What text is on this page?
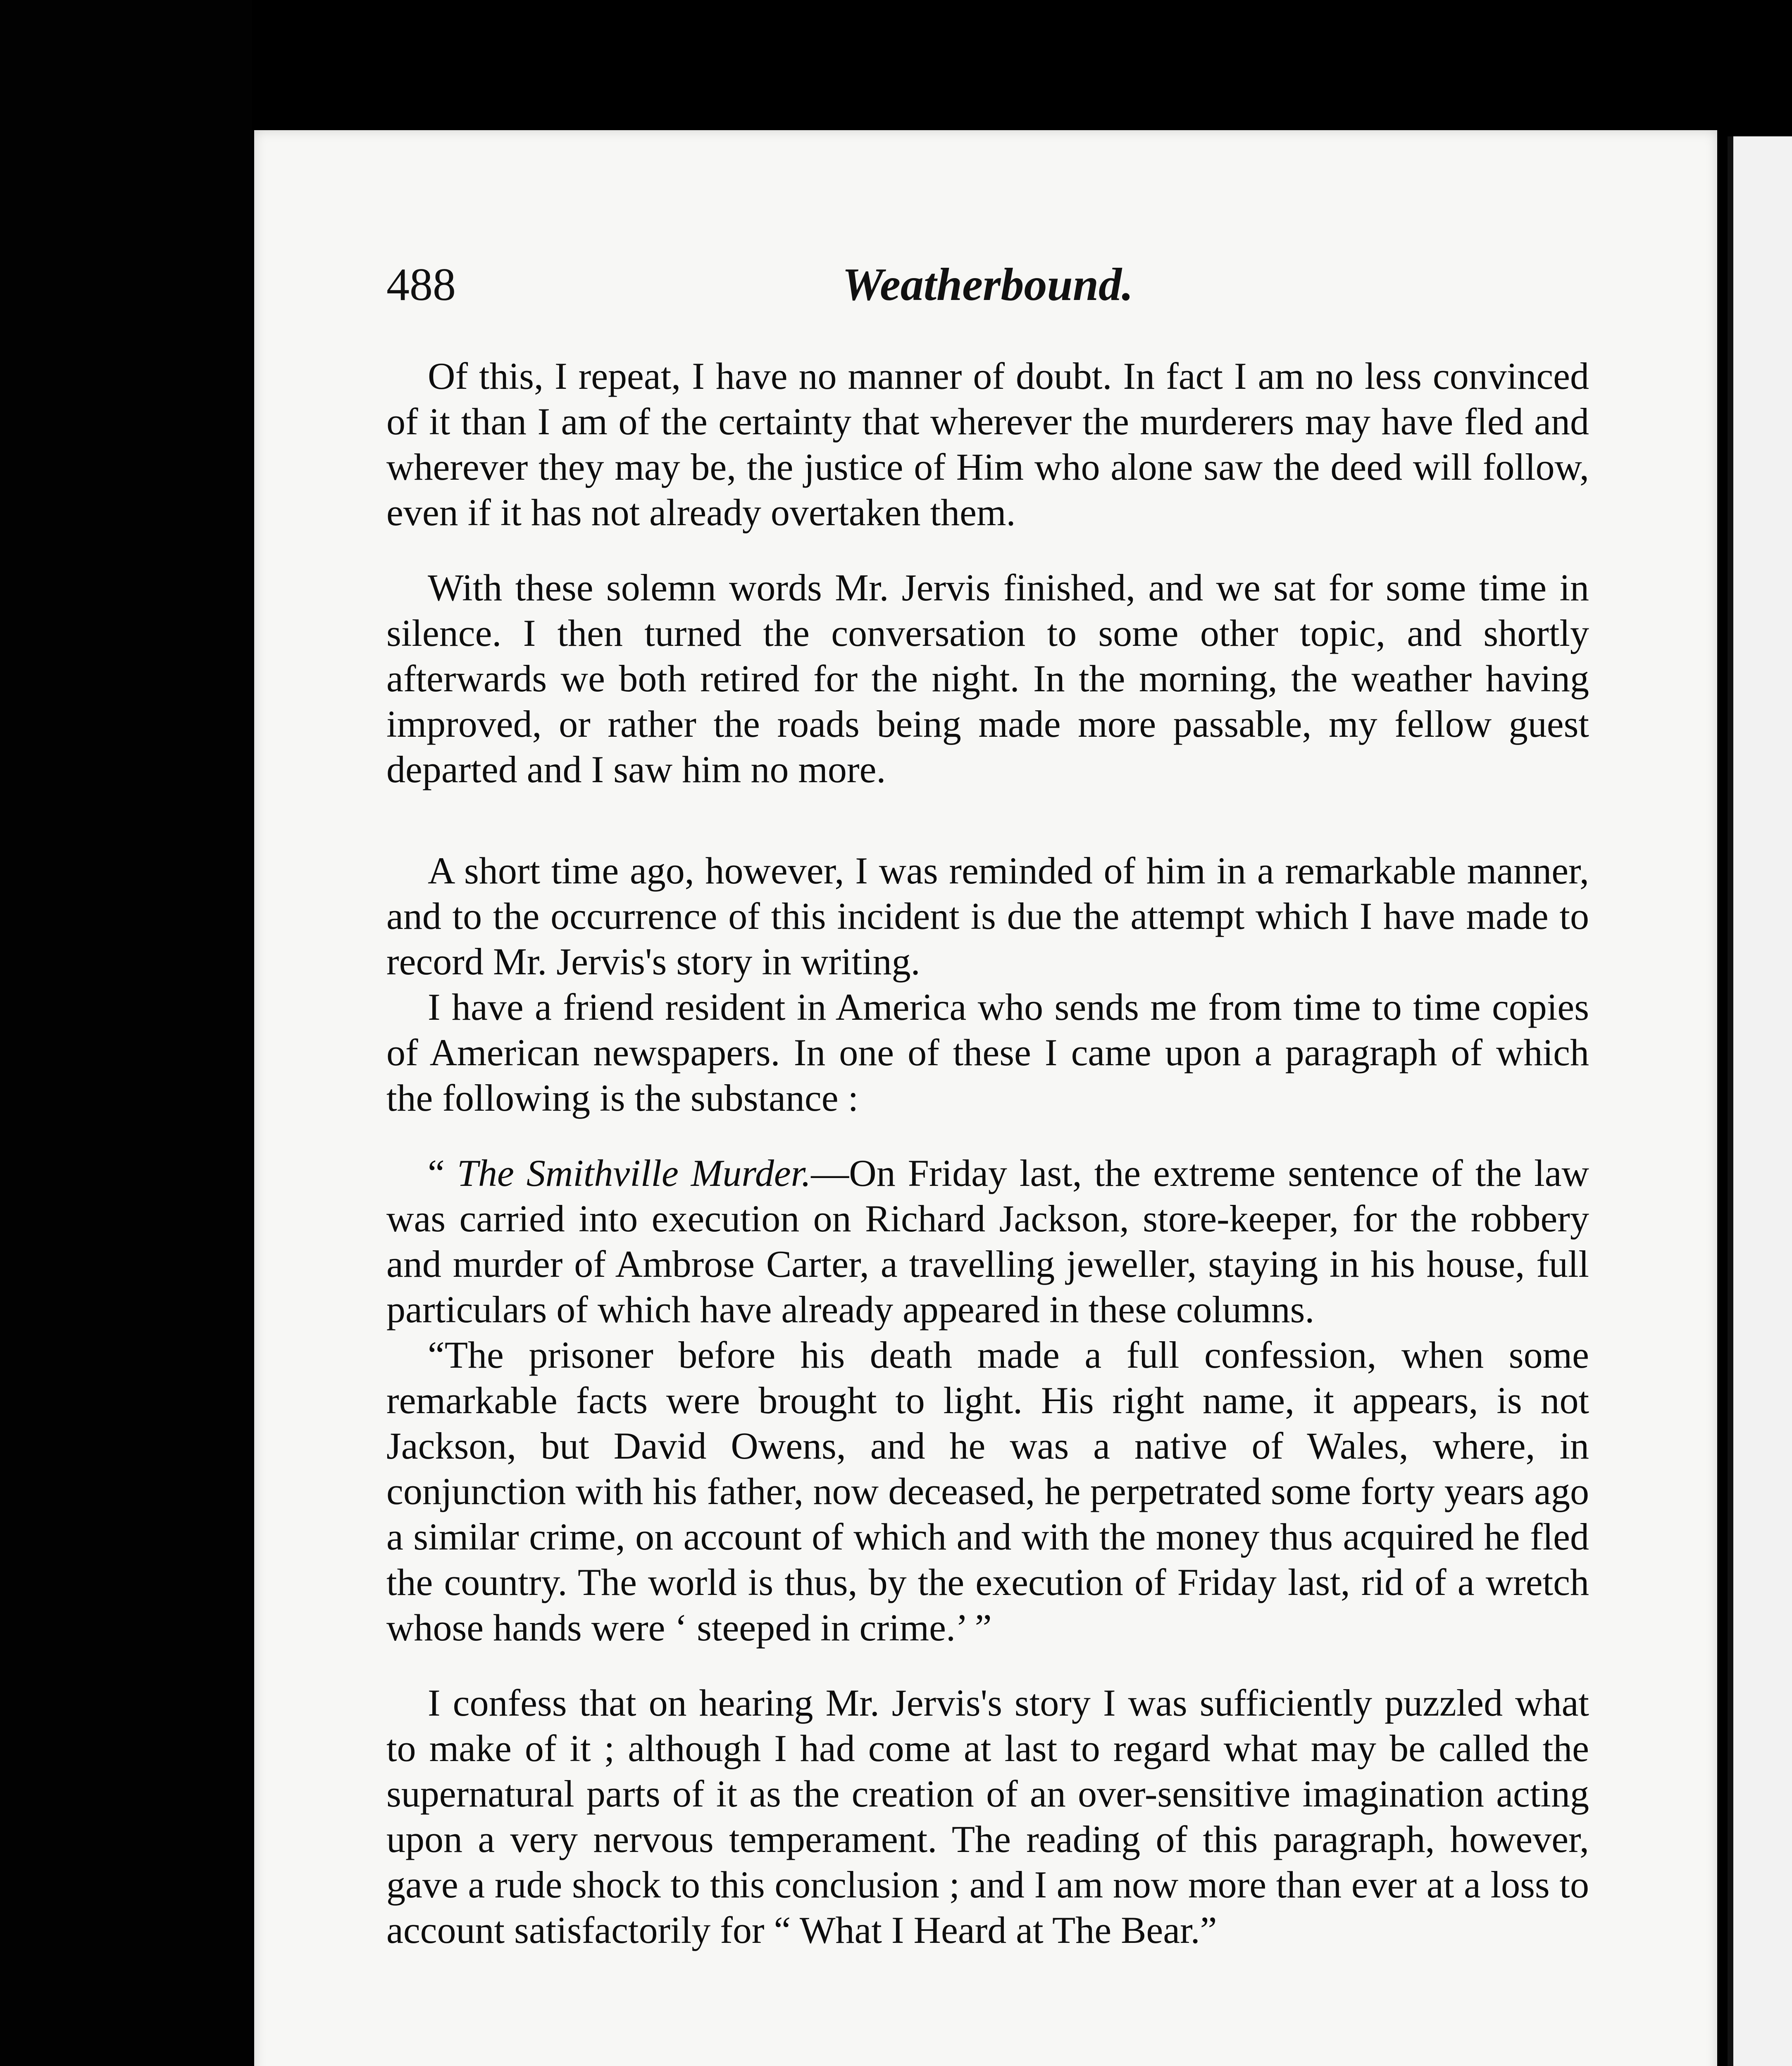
488	Weatherbound.

Of this, I repeat, I have no manner of doubt. In fact I am no less convinced of it than I am of the certainty that wherever the murderers may have fled and wherever they may be, the justice of Him who alone saw the deed will follow, even if it has not already overtaken them.

With these solemn words Mr. Jervis finished, and we sat for some time in silence. I then turned the conversation to some other topic, and shortly afterwards we both retired for the night. In the morning, the weather having improved, or rather the roads being made more passable, my fellow guest departed and I saw him no more.

A short time ago, however, I was reminded of him in a remarkable manner, and to the occurrence of this incident is due the attempt which I have made to record Mr. Jervis's story in writing.

I have a friend resident in America who sends me from time to time copies of American newspapers. In one of these I came upon a paragraph of which the following is the substance :

“ The Smithville Murder.—On Friday last, the extreme sentence of the law was carried into execution on Richard Jackson, store-keeper, for the robbery and murder of Ambrose Carter, a travelling jeweller, staying in his house, full particulars of which have already appeared in these columns.

“The prisoner before his death made a full confession, when some remarkable facts were brought to light. His right name, it appears, is not Jackson, but David Owens, and he was a native of Wales, where, in conjunction with his father, now deceased, he perpetrated some forty years ago a similar crime, on account of which and with the money thus acquired he fled the country. The world is thus, by the execution of Friday last, rid of a wretch whose hands were ‘ steeped in crime.’ ”

I confess that on hearing Mr. Jervis's story I was sufficiently puzzled what to make of it ; although I had come at last to regard what may be called the supernatural parts of it as the creation of an over-sensitive imagination acting upon a very nervous temperament. The reading of this paragraph, however, gave a rude shock to this conclusion ; and I am now more than ever at a loss to account satisfactorily for “ What I Heard at The Bear.”
